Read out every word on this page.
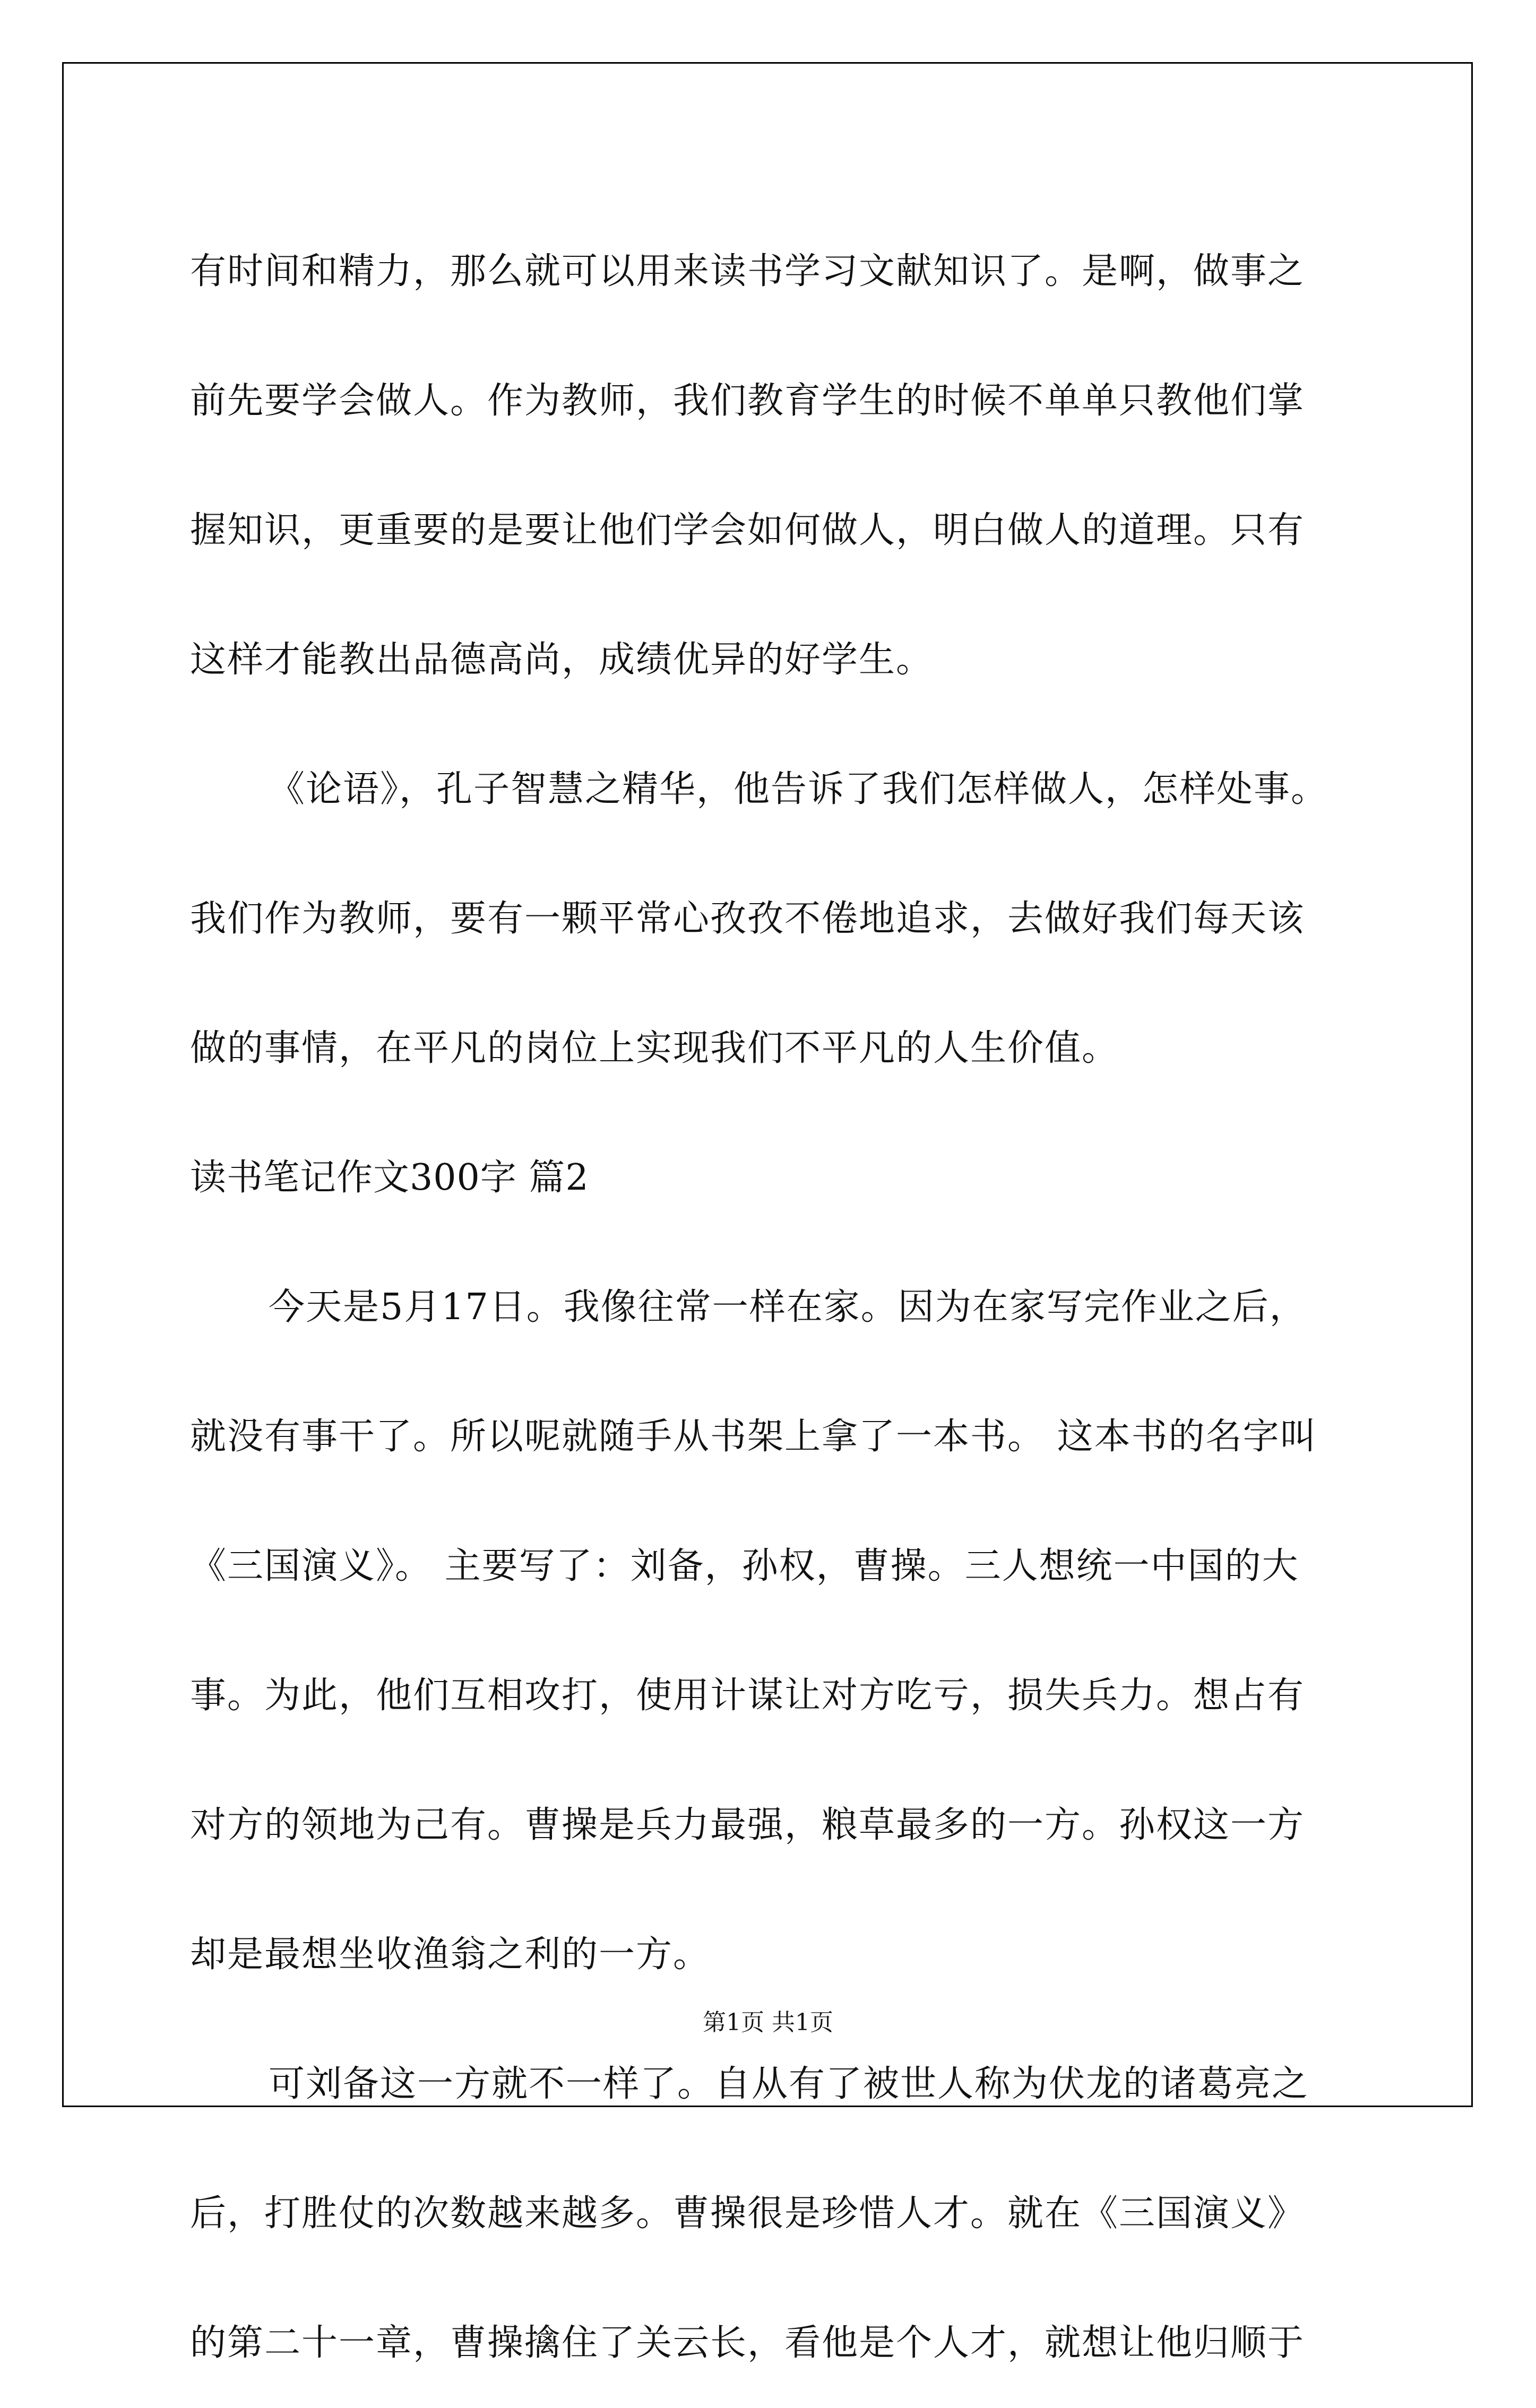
有时间和精力，那么就可以用来读书学习文献知识了。是啊，做事之
前先要学会做人。作为教师，我们教育学生的时候不单单只教他们掌
握知识，更重要的是要让他们学会如何做人，明白做人的道理。只有
这样才能教出品德高尚，成绩优异的好学生。
《论语》，孔子智慧之精华，他告诉了我们怎样做人，怎样处事。
我们作为教师，要有一颗平常心孜孜不倦地追求，去做好我们每天该
做的事情，在平凡的岗位上实现我们不平凡的人生价值。
读书笔记作文300字 篇2
今天是5月17日。我像往常一样在家。因为在家写完作业之后，
就没有事干了。所以呢就随手从书架上拿了一本书。 这本书的名字叫
《三国演义》。 主要写了：刘备，孙权，曹操。三人想统一中国的大
事。为此，他们互相攻打，使用计谋让对方吃亏，损失兵力。想占有
对方的领地为己有。曹操是兵力最强，粮草最多的一方。孙权这一方
却是最想坐收渔翁之利的一方。
可刘备这一方就不一样了。自从有了被世人称为伏龙的诸葛亮之
后，打胜仗的次数越来越多。曹操很是珍惜人才。就在《三国演义》
的第二十一章，曹操擒住了关云长，看他是个人才，就想让他归顺于
第1页 共1页
